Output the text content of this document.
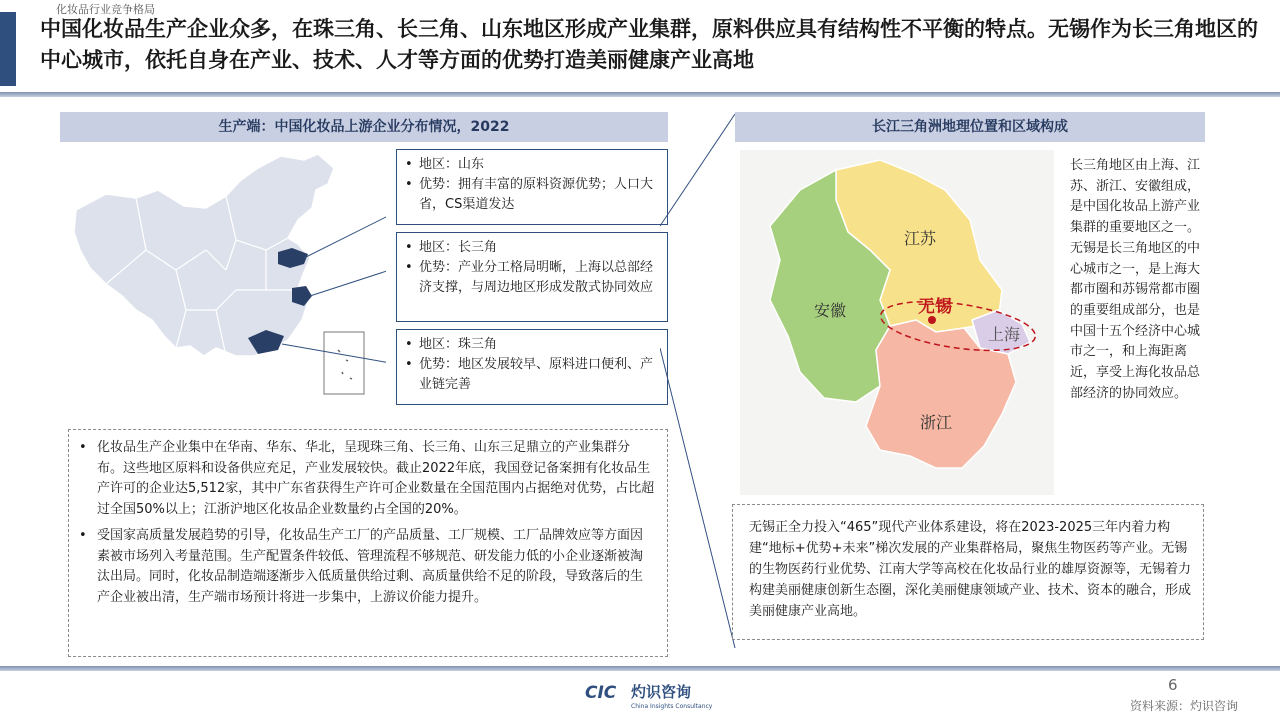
化妆品行业竞争格局
中国化妆品生产企业众多，在珠三角、长三角、山东地区形成产业集群，原料供应具有结构性不平衡的特点。无锡作为长三角地区的中心城市，依托自身在产业、技术、人才等方面的优势打造美丽健康产业高地
生产端：中国化妆品上游企业分布情况，2022
• 地区：山东
• 优势：拥有丰富的原料资源优势；人口大省，CS渠道发达
• 地区：长三角
• 优势：产业分工格局明晰，上海以总部经济支撑，与周边地区形成发散式协同效应
• 地区：珠三角
• 优势：地区发展较早、原料进口便利、产业链完善
• 化妆品生产企业集中在华南、华东、华北，呈现珠三角、长三角、山东三足鼎立的产业集群分布。这些地区原料和设备供应充足，产业发展较快。截止2022年底，我国登记备案拥有化妆品生产许可的企业达5,512家，其中广东省获得生产许可企业数量在全国范围内占据绝对优势，占比超过全国50%以上；江浙沪地区化妆品企业数量约占全国的20%。
• 受国家高质量发展趋势的引导，化妆品生产工厂的产品质量、工厂规模、工厂品牌效应等方面因素被市场列入考量范围。生产配置条件较低、管理流程不够规范、研发能力低的小企业逐渐被淘汰出局。同时，化妆品制造端逐渐步入低质量供给过剩、高质量供给不足的阶段，导致落后的生产企业被出清，生产端市场预计将进一步集中，上游议价能力提升。
长江三角洲地理位置和区域构成
江苏
安徽
上海
浙江
无锡
长三角地区由上海、江苏、浙江、安徽组成，是中国化妆品上游产业集群的重要地区之一。无锡是长三角地区的中心城市之一，是上海大都市圈和苏锡常都市圈的重要组成部分，也是中国十五个经济中心城市之一，和上海距离近，享受上海化妆品总部经济的协同效应。
无锡正全力投入“465”现代产业体系建设，将在2023-2025三年内着力构建“地标+优势+未来”梯次发展的产业集群格局，聚焦生物医药等产业。无锡的生物医药行业优势、江南大学等高校在化妆品行业的雄厚资源等，无锡着力构建美丽健康创新生态圈，深化美丽健康领域产业、技术、资本的融合，形成美丽健康产业高地。
CIC 灼识咨询
China Insights Consultancy
6
资料来源：灼识咨询
